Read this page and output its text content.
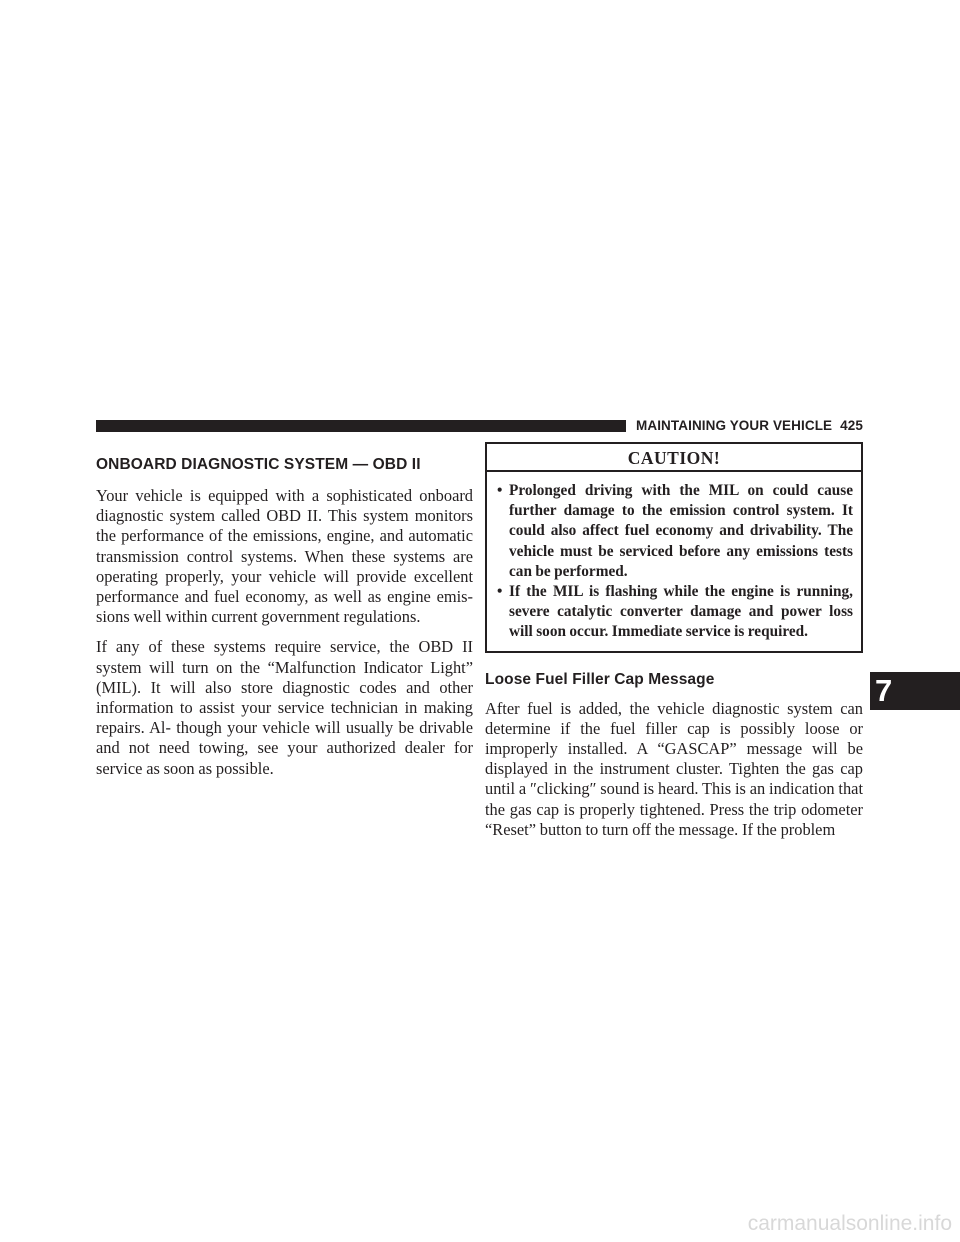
MAINTAINING YOUR VEHICLE 425
ONBOARD DIAGNOSTIC SYSTEM — OBD II

Your vehicle is equipped with a sophisticated onboard diagnostic system called OBD II. This system monitors the performance of the emissions, engine, and automatic transmission control systems. When these systems are operating properly, your vehicle will provide excellent performance and fuel economy, as well as engine emis- sions well within current government regulations.

If any of these systems require service, the OBD II system will turn on the “Malfunction Indicator Light” (MIL). It will also store diagnostic codes and other information to assist your service technician in making repairs. Al- though your vehicle will usually be drivable and not need towing, see your authorized dealer for service as soon as possible.

CAUTION!
• Prolonged driving with the MIL on could cause further damage to the emission control system. It could also affect fuel economy and drivability. The vehicle must be serviced before any emissions tests can be performed.
• If the MIL is flashing while the engine is running, severe catalytic converter damage and power loss will soon occur. Immediate service is required.
Loose Fuel Filler Cap Message

After fuel is added, the vehicle diagnostic system can determine if the fuel filler cap is possibly loose or improperly installed. A “GASCAP” message will be displayed in the instrument cluster. Tighten the gas cap until a ″clicking″ sound is heard. This is an indication that the gas cap is properly tightened. Press the trip odometer “Reset” button to turn off the message. If the problem

7
carmanualsonline.info
